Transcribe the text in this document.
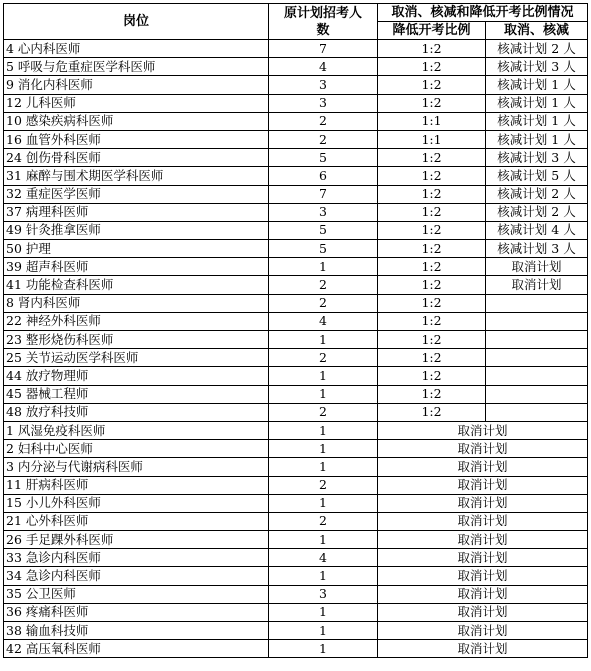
岗位	原计划招考人数	取消、核减和降低开考比例情况	
		降低开考比例	取消、核减
4 心内科医师	7	1:2	核减计划 2 人
5 呼吸与危重症医学科医师	4	1:2	核减计划 3 人
9 消化内科医师	3	1:2	核减计划 1 人
12 儿科医师	3	1:2	核减计划 1 人
10 感染疾病科医师	2	1:1	核减计划 1 人
16 血管外科医师	2	1:1	核减计划 1 人
24 创伤骨科医师	5	1:2	核减计划 3 人
31 麻醉与围术期医学科医师	6	1:2	核减计划 5 人
32 重症医学医师	7	1:2	核减计划 2 人
37 病理科医师	3	1:2	核减计划 2 人
49 针灸推拿医师	5	1:2	核减计划 4 人
50 护理	5	1:2	核减计划 3 人
39 超声科医师	1	1:2	取消计划
41 功能检查科医师	2	1:2	取消计划
8 肾内科医师	2	1:2	
22 神经外科医师	4	1:2	
23 整形烧伤科医师	1	1:2	
25 关节运动医学科医师	2	1:2	
44 放疗物理师	1	1:2	
45 器械工程师	1	1:2	
48 放疗科技师	2	1:2	
1 风湿免疫科医师	1	取消计划	
2 妇科中心医师	1	取消计划	
3 内分泌与代谢病科医师	1	取消计划	
11 肝病科医师	2	取消计划	
15 小儿外科医师	1	取消计划	
21 心外科医师	2	取消计划	
26 手足踝外科医师	1	取消计划	
33 急诊内科医师	4	取消计划	
34 急诊内科医师	1	取消计划	
35 公卫医师	3	取消计划	
36 疼痛科医师	1	取消计划	
38 输血科技师	1	取消计划	
42 高压氧科医师	1	取消计划	
